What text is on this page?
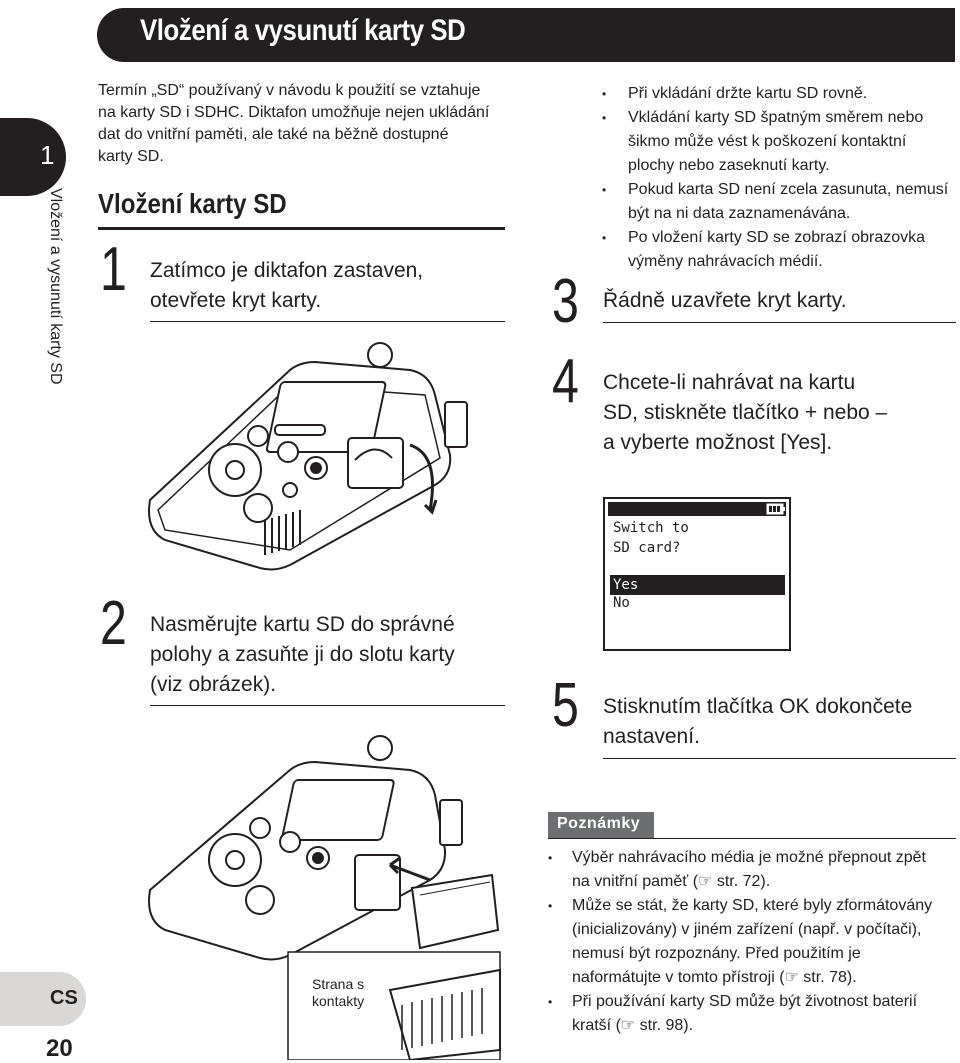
Vložení a vysunutí karty SD
1
Vložení a vysunutí karty SD
Termín „SD“ používaný v návodu k použití se vztahuje
na karty SD i SDHC. Diktafon umožňuje nejen ukládání
dat do vnitřní paměti, ale také na běžně dostupné
karty SD.
Vložení karty SD
1 Zatímco je diktafon zastaven,
otevřete kryt karty.
2 Nasměrujte kartu SD do správné
polohy a zasuňte ji do slotu karty
(viz obrázek).
Strana s
kontakty
• Při vkládání držte kartu SD rovně.
• Vkládání karty SD špatným směrem nebo
šikmo může vést k poškození kontaktní
plochy nebo zaseknutí karty.
• Pokud karta SD není zcela zasunuta, nemusí
být na ni data zaznamenávána.
• Po vložení karty SD se zobrazí obrazovka
výměny nahrávacích médií.
3 Řádně uzavřete kryt karty.
4 Chcete-li nahrávat na kartu
SD, stiskněte tlačítko + nebo –
a vyberte možnost [Yes].
Switch to
SD card?
Yes
No
5 Stisknutím tlačítka OK dokončete
nastavení.
Poznámky
• Výběr nahrávacího média je možné přepnout zpět
na vnitřní paměť (☞ str. 72).
• Může se stát, že karty SD, které byly zformátovány
(inicializovány) v jiném zařízení (např. v počítači),
nemusí být rozpoznány. Před použitím je
naformátujte v tomto přístroji (☞ str. 78).
• Při používání karty SD může být životnost baterií
kratší (☞ str. 98).
CS
20
